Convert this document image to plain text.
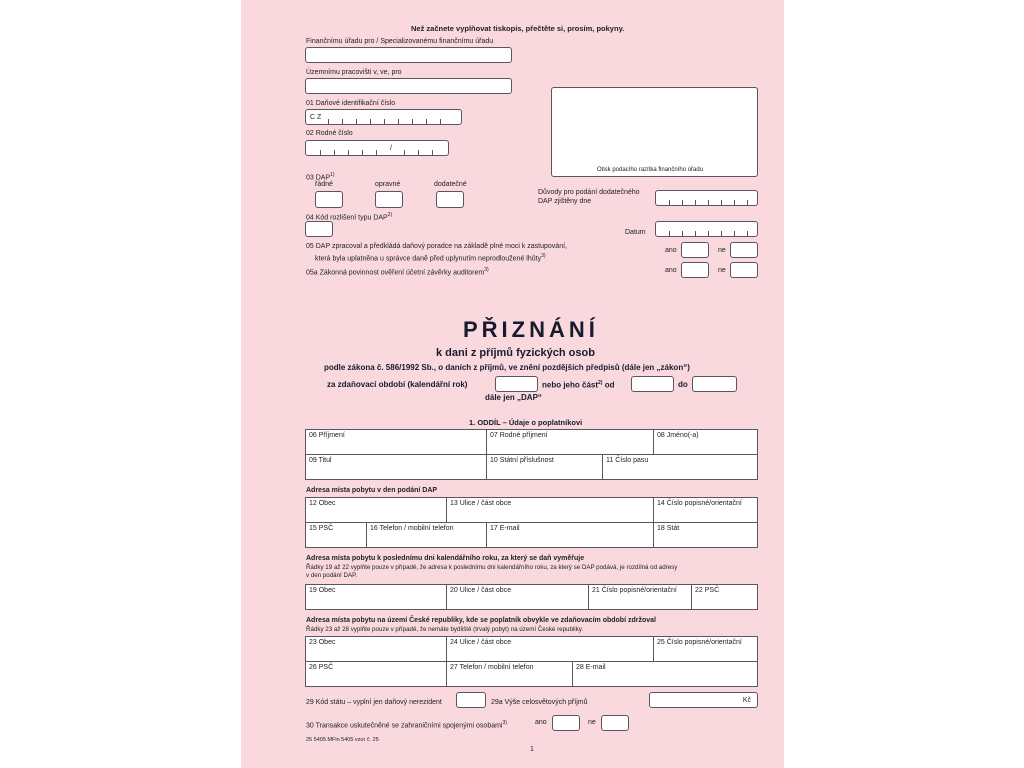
Než začnete vyplňovat tiskopis, přečtěte si, prosím, pokyny.
Finančnímu úřadu pro / Specializovanému finančnímu úřadu
Územnímu pracovišti v, ve, pro
01 Daňové identifikační číslo
C Z
02 Rodné číslo
/
Otisk podacího razítka finančního úřadu
03 DAP$^{1)}$
řádné	opravné	dodatečné
Důvody pro podání dodatečného
DAP zjištěny dne
04 Kód rozlišení typu DAP$^{2)}$
Datum
05 DAP zpracoval a předkládá daňový poradce na základě plné moci k zastupování,
která byla uplatněna u správce daně před uplynutím neprodloužené lhůty$^{3)}$
ano	ne
05a Zákonná povinnost ověření účetní závěrky auditorem$^{3)}$	ano	ne
PŘIZNÁNÍ
k dani z příjmů fyzických osob
podle zákona č. 586/1992 Sb., o daních z příjmů, ve znění pozdějších předpisů (dále jen „zákon“)
za zdaňovací období (kalendářní rok)	nebo jeho část$^{2)}$ od	do
dále jen „DAP“
1. ODDÍL – Údaje o poplatníkovi
06 Příjmení	07 Rodné příjmení	08 Jméno(-a)
09 Titul	10 Státní příslušnost	11 Číslo pasu
Adresa místa pobytu v den podání DAP
12 Obec	13 Ulice / část obce	14 Číslo popisné/orientační
15 PSČ	16 Telefon / mobilní telefon	17 E-mail	18 Stát
Adresa místa pobytu k poslednímu dni kalendářního roku, za který se daň vyměřuje
Řádky 19 až 22 vyplňte pouze v případě, že adresa k poslednímu dni kalendářního roku, za který se DAP podává, je rozdílná od adresy
v den podání DAP.
19 Obec	20 Ulice / část obce	21 Číslo popisné/orientační	22 PSČ
Adresa místa pobytu na území České republiky, kde se poplatník obvykle ve zdaňovacím období zdržoval
Řádky 23 až 28 vyplňte pouze v případě, že nemáte bydliště (trvalý pobyt) na území České republiky.
23 Obec	24 Ulice / část obce	25 Číslo popisné/orientační
26 PSČ	27 Telefon / mobilní telefon	28 E-mail
29 Kód státu – vyplní jen daňový nerezident	29a Výše celosvětových příjmů	Kč
30 Transakce uskutečněné se zahraničními spojenými osobami$^{3)}$	ano	ne
25 5405 MFin 5405 vzor č. 25
1
